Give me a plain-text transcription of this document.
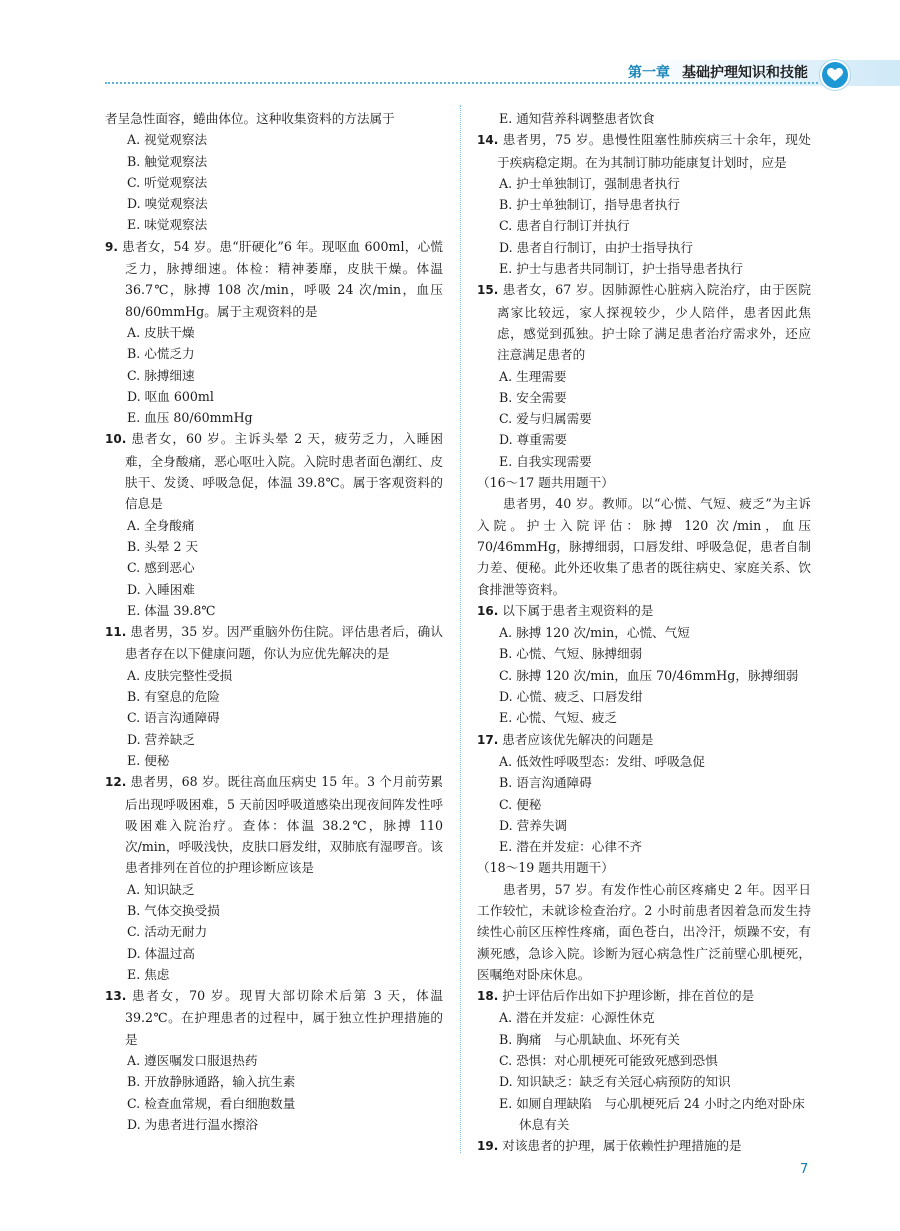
第一章 基础护理知识和技能
者呈急性面容，蜷曲体位。这种收集资料的方法属于
A. 视觉观察法
B. 触觉观察法
C. 听觉观察法
D. 嗅觉观察法
E. 味觉观察法
9. 患者女，54 岁。患“肝硬化”6 年。现呕血 600ml，心慌乏力，脉搏细速。体检：精神萎靡，皮肤干燥。体温 36.7℃，脉搏 108 次/min，呼吸 24 次/min，血压 80/60mmHg。属于主观资料的是
A. 皮肤干燥
B. 心慌乏力
C. 脉搏细速
D. 呕血 600ml
E. 血压 80/60mmHg
10. 患者女，60 岁。主诉头晕 2 天，疲劳乏力，入睡困难，全身酸痛，恶心呕吐入院。入院时患者面色潮红、皮肤干、发烫、呼吸急促，体温 39.8℃。属于客观资料的信息是
A. 全身酸痛
B. 头晕 2 天
C. 感到恶心
D. 入睡困难
E. 体温 39.8℃
11. 患者男，35 岁。因严重脑外伤住院。评估患者后，确认患者存在以下健康问题，你认为应优先解决的是
A. 皮肤完整性受损
B. 有窒息的危险
C. 语言沟通障碍
D. 营养缺乏
E. 便秘
12. 患者男，68 岁。既往高血压病史 15 年。3 个月前劳累后出现呼吸困难，5 天前因呼吸道感染出现夜间阵发性呼吸困难入院治疗。查体：体温 38.2℃，脉搏 110 次/min，呼吸浅快，皮肤口唇发绀，双肺底有湿啰音。该患者排列在首位的护理诊断应该是
A. 知识缺乏
B. 气体交换受损
C. 活动无耐力
D. 体温过高
E. 焦虑
13. 患者女，70 岁。现胃大部切除术后第 3 天，体温 39.2℃。在护理患者的过程中，属于独立性护理措施的是
A. 遵医嘱发口服退热药
B. 开放静脉通路，输入抗生素
C. 检查血常规，看白细胞数量
D. 为患者进行温水擦浴
E. 通知营养科调整患者饮食
14. 患者男，75 岁。患慢性阻塞性肺疾病三十余年，现处于疾病稳定期。在为其制订肺功能康复计划时，应是
A. 护士单独制订，强制患者执行
B. 护士单独制订，指导患者执行
C. 患者自行制订并执行
D. 患者自行制订，由护士指导执行
E. 护士与患者共同制订，护士指导患者执行
15. 患者女，67 岁。因肺源性心脏病入院治疗，由于医院离家比较远，家人探视较少，少人陪伴，患者因此焦虑，感觉到孤独。护士除了满足患者治疗需求外，还应注意满足患者的
A. 生理需要
B. 安全需要
C. 爱与归属需要
D. 尊重需要
E. 自我实现需要
（16～17 题共用题干）
患者男，40 岁。教师。以“心慌、气短、疲乏”为主诉入院。护士入院评估：脉搏 120 次/min，血压 70/46mmHg，脉搏细弱，口唇发绀、呼吸急促，患者自制力差、便秘。此外还收集了患者的既往病史、家庭关系、饮食排泄等资料。
16. 以下属于患者主观资料的是
A. 脉搏 120 次/min，心慌、气短
B. 心慌、气短、脉搏细弱
C. 脉搏 120 次/min，血压 70/46mmHg，脉搏细弱
D. 心慌、疲乏、口唇发绀
E. 心慌、气短、疲乏
17. 患者应该优先解决的问题是
A. 低效性呼吸型态：发绀、呼吸急促
B. 语言沟通障碍
C. 便秘
D. 营养失调
E. 潜在并发症：心律不齐
（18～19 题共用题干）
患者男，57 岁。有发作性心前区疼痛史 2 年。因平日工作较忙，未就诊检查治疗。2 小时前患者因着急而发生持续性心前区压榨性疼痛，面色苍白，出冷汗，烦躁不安，有濒死感，急诊入院。诊断为冠心病急性广泛前壁心肌梗死，医嘱绝对卧床休息。
18. 护士评估后作出如下护理诊断，排在首位的是
A. 潜在并发症：心源性休克
B. 胸痛　与心肌缺血、坏死有关
C. 恐惧：对心肌梗死可能致死感到恐惧
D. 知识缺乏：缺乏有关冠心病预防的知识
E. 如厕自理缺陷　与心肌梗死后 24 小时之内绝对卧床休息有关
19. 对该患者的护理，属于依赖性护理措施的是
7
